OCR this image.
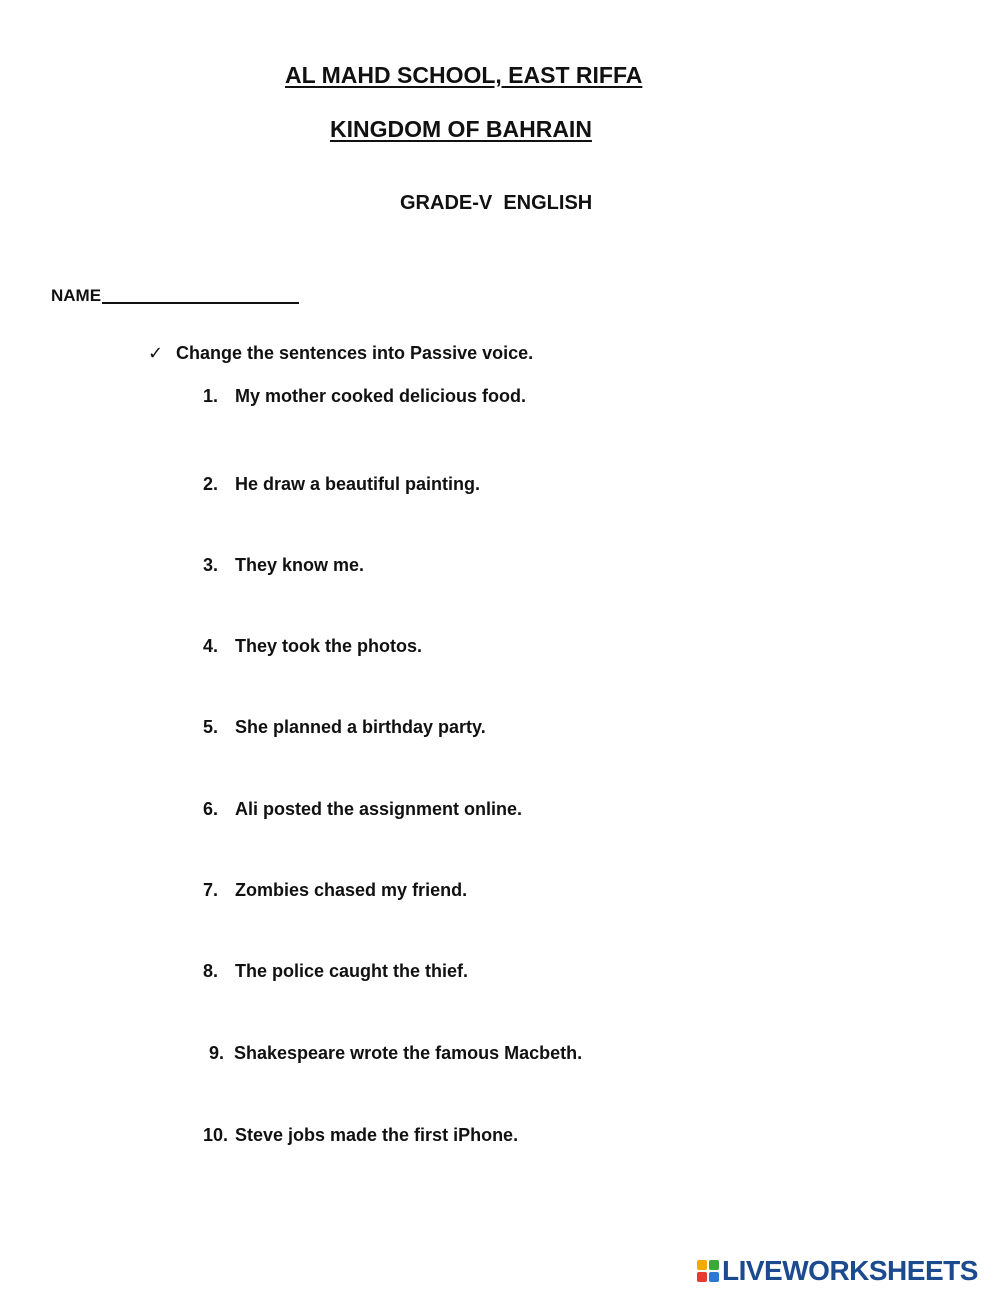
AL MAHD SCHOOL, EAST RIFFA
KINGDOM OF BAHRAIN
GRADE-V  ENGLISH
NAME
✓ Change the sentences into Passive voice.
1. My mother cooked delicious food.
2. He draw a beautiful painting.
3. They know me.
4. They took the photos.
5. She planned a birthday party.
6. Ali posted the assignment online.
7. Zombies chased my friend.
8. The police caught the thief.
9. Shakespeare wrote the famous Macbeth.
10. Steve jobs made the first iPhone.
LIVEWORKSHEETS
